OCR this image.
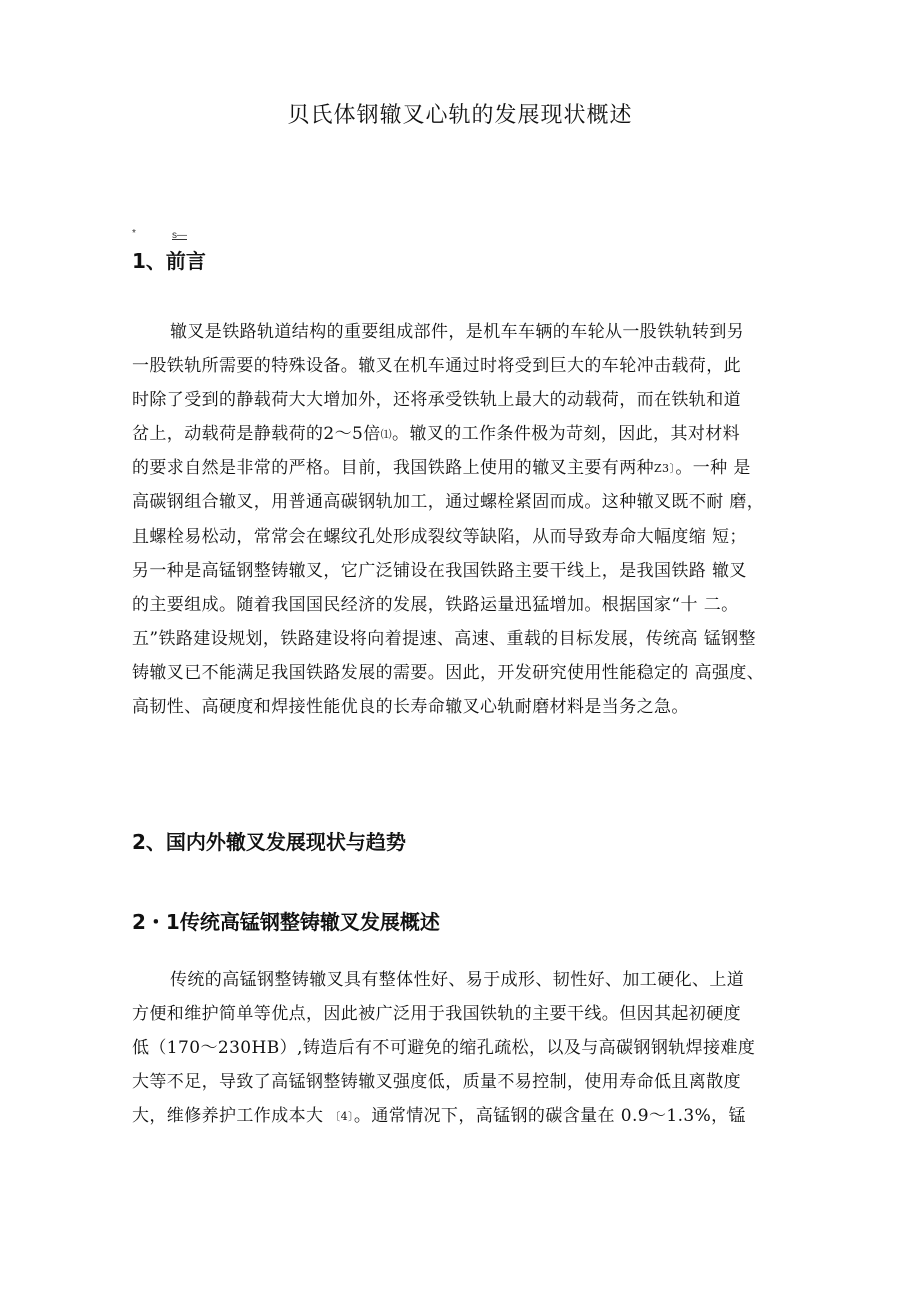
贝氏体钢辙叉心轨的发展现状概述
*	s—
1、前言
辙叉是铁路轨道结构的重要组成部件，是机车车辆的车轮从一股铁轨转到另
一股铁轨所需要的特殊设备。辙叉在机车通过时将受到巨大的车轮冲击载荷，此
时除了受到的静载荷大大增加外，还将承受铁轨上最大的动载荷，而在铁轨和道
岔上，动载荷是静载荷的2～5倍⑴。辙叉的工作条件极为苛刻，因此，其对材料
的要求自然是非常的严格。目前，我国铁路上使用的辙叉主要有两种Z3〕。一种 是
高碳钢组合辙叉，用普通高碳钢轨加工，通过螺栓紧固而成。这种辙叉既不耐 磨，
且螺栓易松动，常常会在螺纹孔处形成裂纹等缺陷，从而导致寿命大幅度缩 短；
另一种是高锰钢整铸辙叉，它广泛铺设在我国铁路主要干线上，是我国铁路 辙叉
的主要组成。随着我国国民经济的发展，铁路运量迅猛增加。根据国家“十 二。
五”铁路建设规划，铁路建设将向着提速、高速、重载的目标发展，传统高 锰钢整
铸辙叉已不能满足我国铁路发展的需要。因此，开发研究使用性能稳定的 高强度、
高韧性、高硬度和焊接性能优良的长寿命辙叉心轨耐磨材料是当务之急。
2、国内外辙叉发展现状与趋势
2・1传统高锰钢整铸辙叉发展概述
传统的高锰钢整铸辙叉具有整体性好、易于成形、韧性好、加工硬化、上道
方便和维护简单等优点，因此被广泛用于我国铁轨的主要干线。但因其起初硬度
低（170～230HB）,铸造后有不可避免的缩孔疏松，以及与高碳钢钢轨焊接难度
大等不足，导致了高锰钢整铸辙叉强度低，质量不易控制，使用寿命低且离散度
大，维修养护工作成本大 〔4〕。通常情况下，高锰钢的碳含量在 0.9～1.3%，锰
